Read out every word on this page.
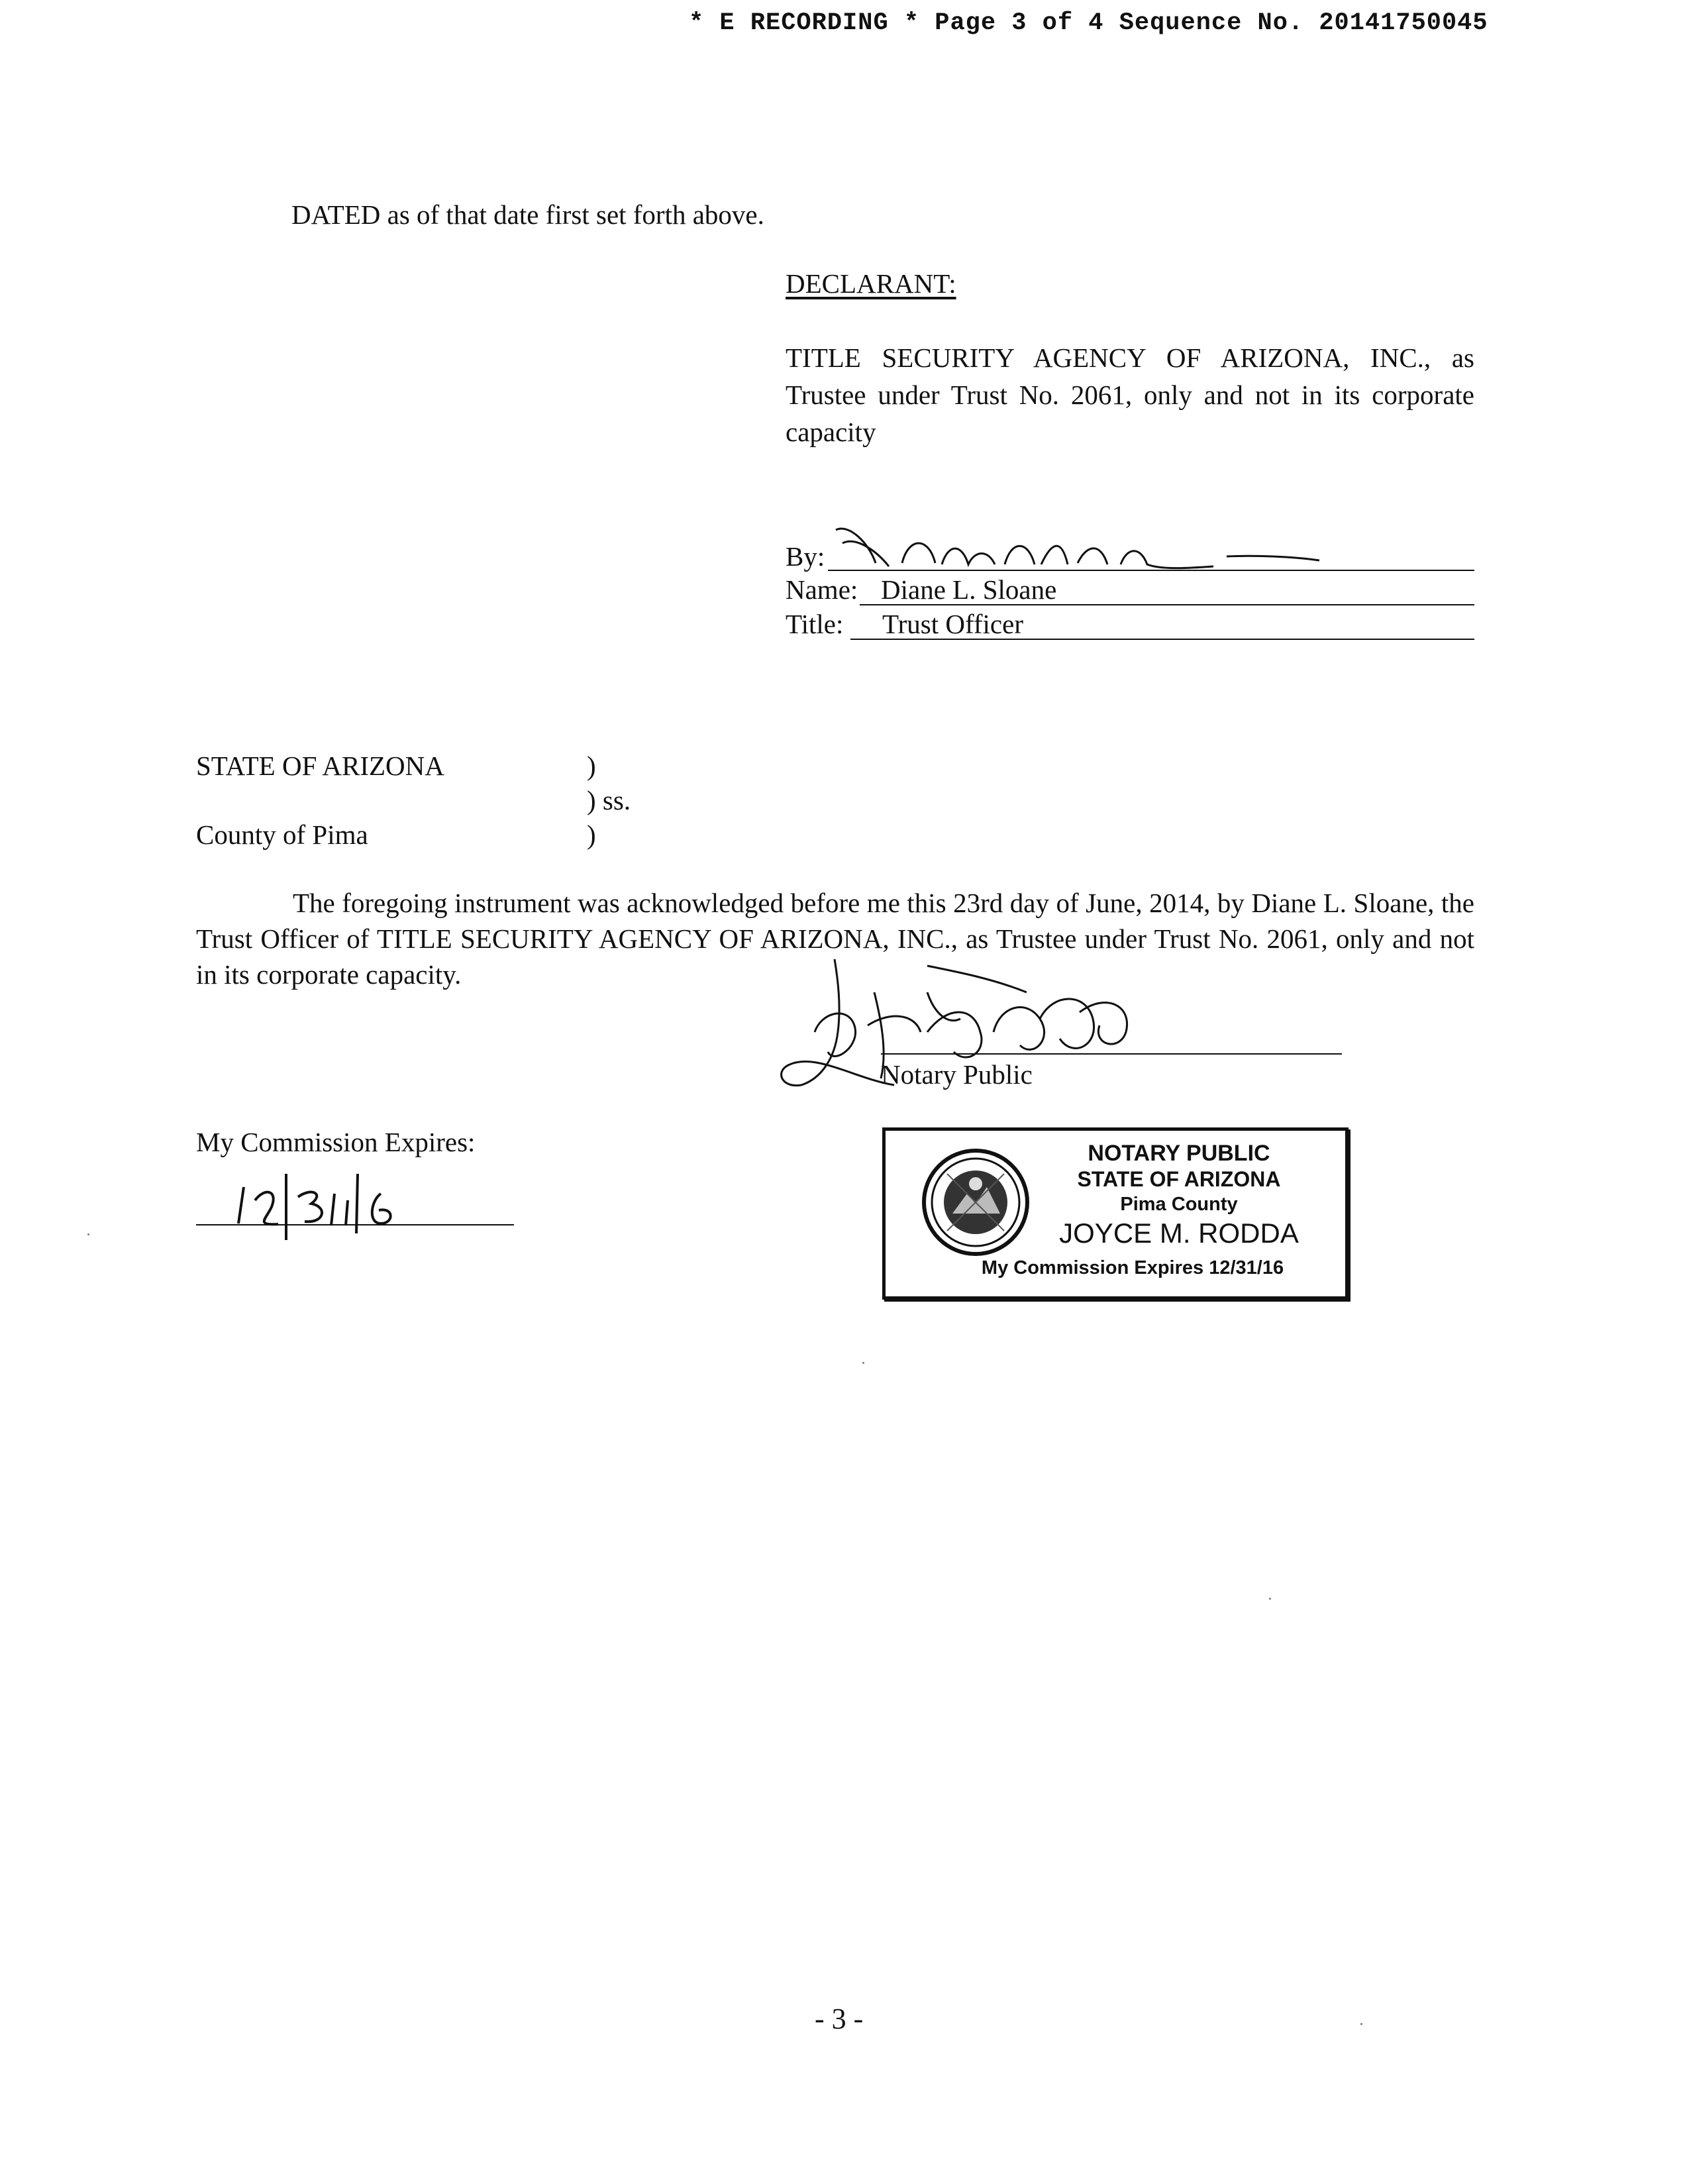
* E RECORDING * Page 3 of 4 Sequence No. 20141750045
DATED as of that date first set forth above.
DECLARANT:
TITLE SECURITY AGENCY OF ARIZONA, INC., as Trustee under Trust No. 2061, only and not in its corporate capacity
By:
Name: Diane L. Sloane
Title: Trust Officer
STATE OF ARIZONA	)
) ss.
County of Pima	)
The foregoing instrument was acknowledged before me this 23rd day of June, 2014, by Diane L. Sloane, the Trust Officer of TITLE SECURITY AGENCY OF ARIZONA, INC., as Trustee under Trust No. 2061, only and not in its corporate capacity.
Notary Public
My Commission Expires:	NOTARY PUBLIC
STATE OF ARIZONA
Pima County
JOYCE M. RODDA
My Commission Expires 12/31/16
- 3 -
